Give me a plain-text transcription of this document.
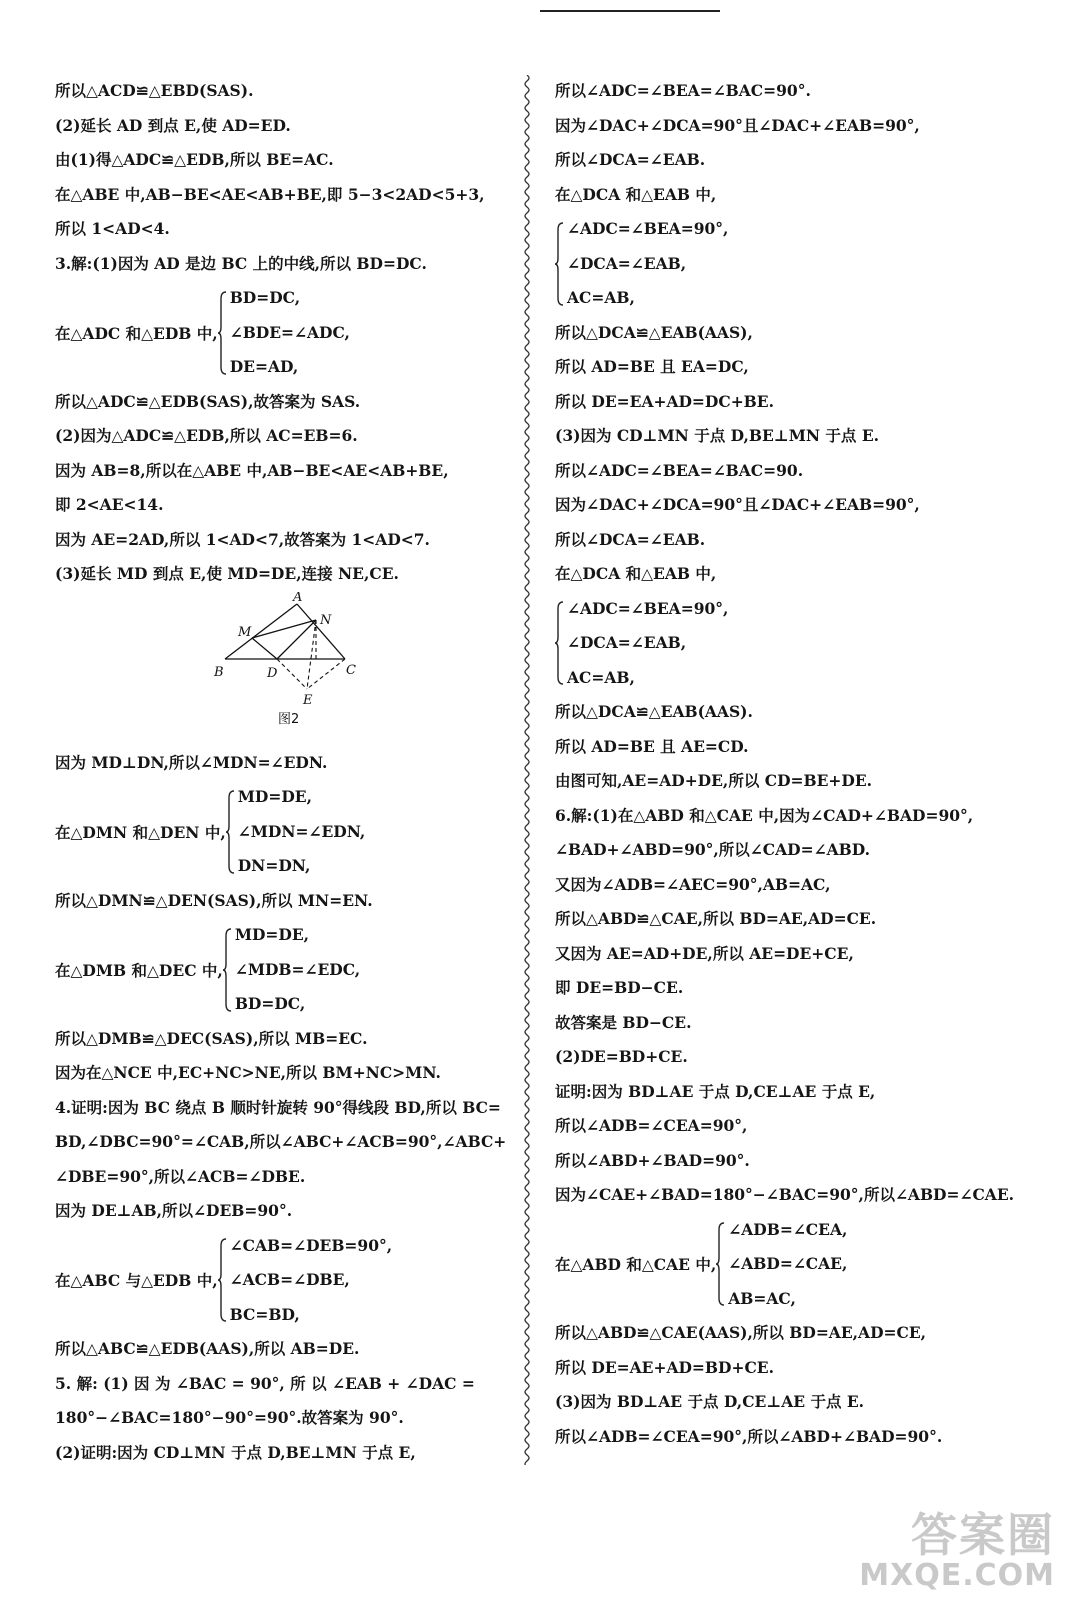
所以△ACD≌△EBD(SAS).
(2)延长 AD 到点 E,使 AD=ED.
由(1)得△ADC≌△EDB,所以 BE=AC.
在△ABE 中,AB−BE<AE<AB+BE,即 5−3<2AD<5+3,
所以 1<AD<4.
3.解:(1)因为 AD 是边 BC 上的中线,所以 BD=DC.
在△ADC 和△EDB 中,
BD=DC,
∠BDE=∠ADC,
DE=AD,
所以△ADC≌△EDB(SAS),故答案为 SAS.
(2)因为△ADC≌△EDB,所以 AC=EB=6.
因为 AB=8,所以在△ABE 中,AB−BE<AE<AB+BE,
即 2<AE<14.
因为 AE=2AD,所以 1<AD<7,故答案为 1<AD<7.
(3)延长 MD 到点 E,使 MD=DE,连接 NE,CE.
A
M
N
B	D	C
E
图2
因为 MD⊥DN,所以∠MDN=∠EDN.
在△DMN 和△DEN 中,
MD=DE,
∠MDN=∠EDN,
DN=DN,
所以△DMN≌△DEN(SAS),所以 MN=EN.
在△DMB 和△DEC 中,
MD=DE,
∠MDB=∠EDC,
BD=DC,
所以△DMB≌△DEC(SAS),所以 MB=EC.
因为在△NCE 中,EC+NC>NE,所以 BM+NC>MN.
4.证明:因为 BC 绕点 B 顺时针旋转 90°得线段 BD,所以 BC=
BD,∠DBC=90°=∠CAB,所以∠ABC+∠ACB=90°,∠ABC+
∠DBE=90°,所以∠ACB=∠DBE.
因为 DE⊥AB,所以∠DEB=90°.
在△ABC 与△EDB 中,
∠CAB=∠DEB=90°,
∠ACB=∠DBE,
BC=BD,
所以△ABC≌△EDB(AAS),所以 AB=DE.
5. 解: (1) 因 为 ∠BAC = 90°, 所 以 ∠EAB + ∠DAC =
180°−∠BAC=180°−90°=90°.故答案为 90°.
(2)证明:因为 CD⊥MN 于点 D,BE⊥MN 于点 E,
所以∠ADC=∠BEA=∠BAC=90°.
因为∠DAC+∠DCA=90°且∠DAC+∠EAB=90°,
所以∠DCA=∠EAB.
在△DCA 和△EAB 中,
∠ADC=∠BEA=90°,
∠DCA=∠EAB,
AC=AB,
所以△DCA≌△EAB(AAS),
所以 AD=BE 且 EA=DC,
所以 DE=EA+AD=DC+BE.
(3)因为 CD⊥MN 于点 D,BE⊥MN 于点 E.
所以∠ADC=∠BEA=∠BAC=90.
因为∠DAC+∠DCA=90°且∠DAC+∠EAB=90°,
所以∠DCA=∠EAB.
在△DCA 和△EAB 中,
∠ADC=∠BEA=90°,
∠DCA=∠EAB,
AC=AB,
所以△DCA≌△EAB(AAS).
所以 AD=BE 且 AE=CD.
由图可知,AE=AD+DE,所以 CD=BE+DE.
6.解:(1)在△ABD 和△CAE 中,因为∠CAD+∠BAD=90°,
∠BAD+∠ABD=90°,所以∠CAD=∠ABD.
又因为∠ADB=∠AEC=90°,AB=AC,
所以△ABD≌△CAE,所以 BD=AE,AD=CE.
又因为 AE=AD+DE,所以 AE=DE+CE,
即 DE=BD−CE.
故答案是 BD−CE.
(2)DE=BD+CE.
证明:因为 BD⊥AE 于点 D,CE⊥AE 于点 E,
所以∠ADB=∠CEA=90°,
所以∠ABD+∠BAD=90°.
因为∠CAE+∠BAD=180°−∠BAC=90°,所以∠ABD=∠CAE.
在△ABD 和△CAE 中,
∠ADB=∠CEA,
∠ABD=∠CAE,
AB=AC,
所以△ABD≌△CAE(AAS),所以 BD=AE,AD=CE,
所以 DE=AE+AD=BD+CE.
(3)因为 BD⊥AE 于点 D,CE⊥AE 于点 E.
所以∠ADB=∠CEA=90°,所以∠ABD+∠BAD=90°.
答案圈
MXQE.COM
